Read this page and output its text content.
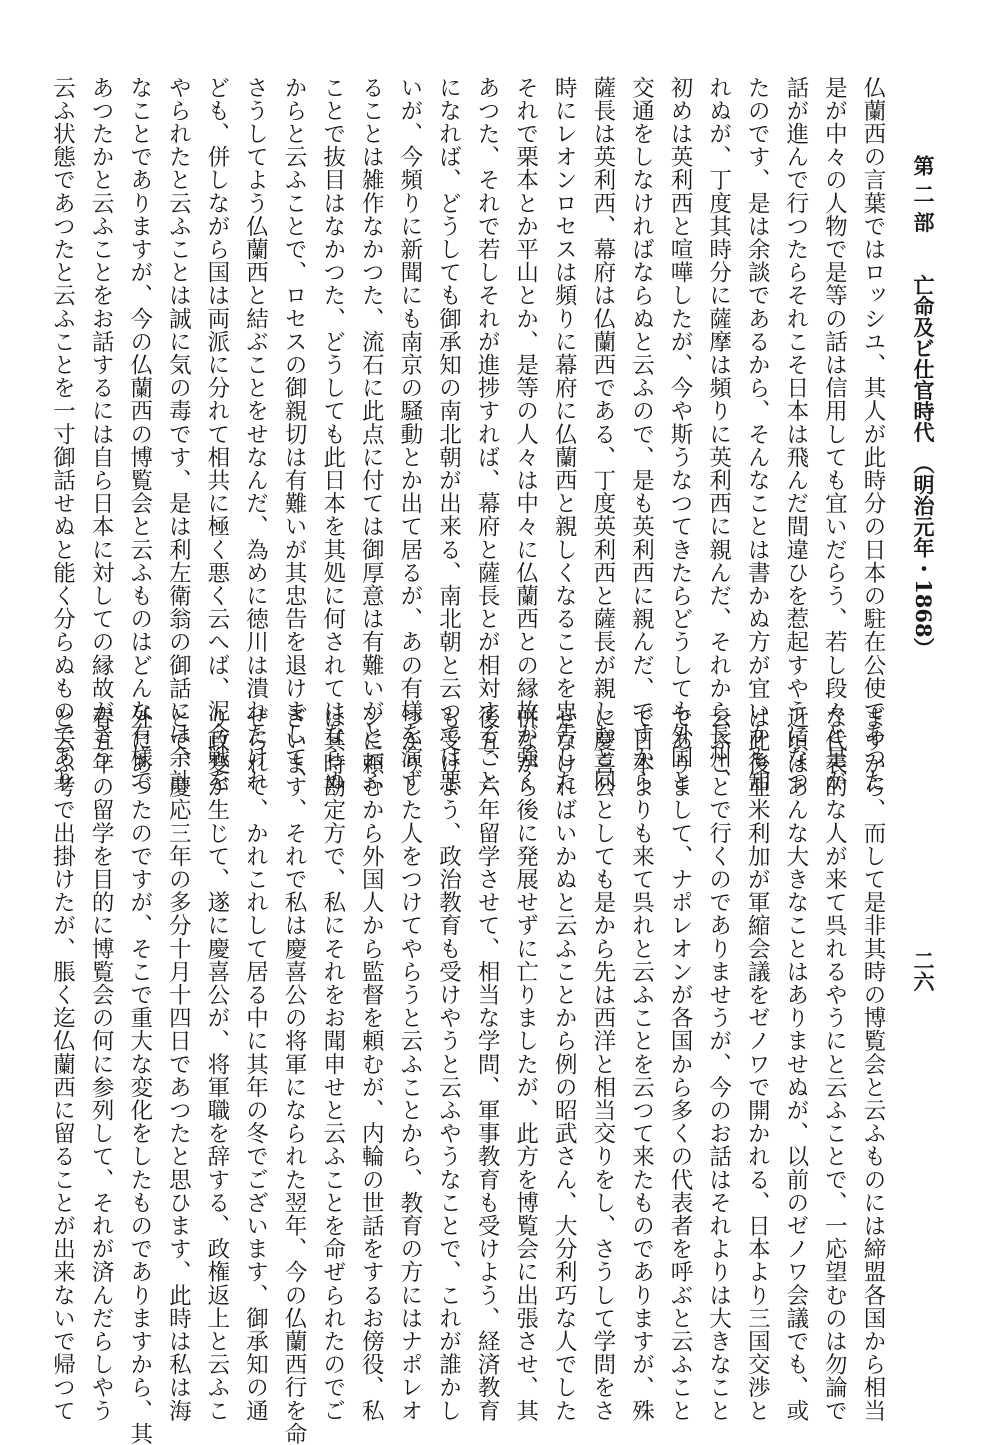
第 二 部　　亡命及ビ仕官時代　（明治元年・1868）
二六
仏蘭西の言葉ではロッシユ、其人が此時分の日本の駐在公使であつた
是が中々の人物で是等の話は信用しても宜いだらう、若し段々と是が
話が進んで行つたらそれこそ日本は飛んだ間違ひを惹起すやうになつ
たのです、是は余談であるから、そんなことは書かぬ方が宜いかも知
れぬが、丁度其時分に薩摩は頻りに英利西に親んだ、それから長州、
初めは英利西と喧嘩したが、今や斯うなつてきたらどうしても外国と
交通をしなければならぬと云ふので、是も英利西に親んだ、ですから
薩長は英利西、幕府は仏蘭西である、丁度英利西と薩長が親しむと同
時にレオンロセスは頻りに幕府に仏蘭西と親しくなることを忠告した
それで栗本とか平山とか、是等の人々は中々に仏蘭西との縁故が強く
あつた、それで若しそれが進捗すれば、幕府と薩長とが相対すること
になれば、どうしても御承知の南北朝が出来る、南北朝と云つては悪
いが、今頻りに新聞にも南京の騒動とか出て居るが、あの有様を演ず
ることは雑作なかつた、流石に此点に付ては御厚意は有難いがと云ふ
ことで抜目はなかつた、どうしても此日本を其処に何されてはならぬ
からと云ふことで、ロセスの御親切は有難いが其忠告を退けまして、
さうしてよう仏蘭西と結ぶことをせなんだ、為めに徳川は潰れたけれ
ども、併しながら国は両派に分れて相共に極く悪く云へば、泥合戦を
やられたと云ふことは誠に気の毒です、是は利左衛翁の御話には余計
なことでありますが、今の仏蘭西の博覧会と云ふものはどんな有様で
あつたかと云ふことをお話するには自ら日本に対しての縁故がさう
云ふ状態であつたと云ふことを一寸御話せぬと能く分らぬものであり
ますから、而して是非其時の博覧会と云ふものには締盟各国から相当
な代表的な人が来て呉れるやうにと云ふことで、一応望むのは勿論で
近頃はあんな大きなことはありませぬが、以前のゼノワ会議でも、或
は此後亜米利加が軍縮会議をゼノワで開かれる、日本より三国交渉と
云ふことで行くのでありませうが、今のお話はそれよりは大きなこと
でありまして、ナポレオンが各国から多くの代表者を呼ぶと云ふこと
で日本よりも来て呉れと云ふことを云つて来たものでありますが、殊
に慶喜公としても是から先は西洋と相当交りをし、さうして学問をさ
せなければいかぬと云ふことから例の昭武さん、大分利巧な人でした
併ながら後に発展せずに亡りましたが、此方を博覧会に出張させ、其
後五、六年留学させて、相当な学問、軍事教育も受けよう、経済教育
も受けよう、政治教育も受けやうと云ふやうなことで、これが誰かし
つかりした人をつけてやらうと云ふことから、教育の方にはナポレオ
ンに頼むから外国人から監督を頼むが、内輪の世話をするお傍役、私
は其時勘定方で、私にそれをお聞申せと云ふことを命ぜられたのでご
ざいます、それで私は慶喜公の将軍になられた翌年、今の仏蘭西行を命
ぜられて、かれこれして居る中に其年の冬でございます、御承知の通
り政変が生じて、遂に慶喜公が、将軍職を辞する、政権返上と云ふこ
とで、慶応三年の多分十月十四日であつたと思ひます、此時は私は海
外にあつたのですが、そこで重大な変化をしたものでありますから、其
春五年の留学を目的に博覧会の何に参列して、それが済んだらしやう
と云ふ考で出掛けたが、脹く迄仏蘭西に留ることが出来ないで帰つて
